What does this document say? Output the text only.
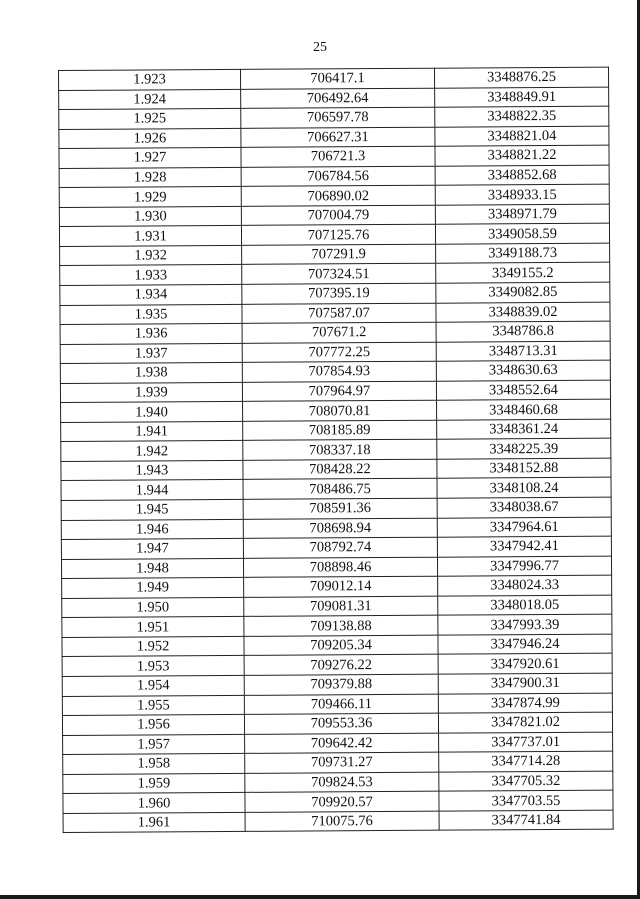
25
1.923	706417.1	3348876.25
1.924	706492.64	3348849.91
1.925	706597.78	3348822.35
1.926	706627.31	3348821.04
1.927	706721.3	3348821.22
1.928	706784.56	3348852.68
1.929	706890.02	3348933.15
1.930	707004.79	3348971.79
1.931	707125.76	3349058.59
1.932	707291.9	3349188.73
1.933	707324.51	3349155.2
1.934	707395.19	3349082.85
1.935	707587.07	3348839.02
1.936	707671.2	3348786.8
1.937	707772.25	3348713.31
1.938	707854.93	3348630.63
1.939	707964.97	3348552.64
1.940	708070.81	3348460.68
1.941	708185.89	3348361.24
1.942	708337.18	3348225.39
1.943	708428.22	3348152.88
1.944	708486.75	3348108.24
1.945	708591.36	3348038.67
1.946	708698.94	3347964.61
1.947	708792.74	3347942.41
1.948	708898.46	3347996.77
1.949	709012.14	3348024.33
1.950	709081.31	3348018.05
1.951	709138.88	3347993.39
1.952	709205.34	3347946.24
1.953	709276.22	3347920.61
1.954	709379.88	3347900.31
1.955	709466.11	3347874.99
1.956	709553.36	3347821.02
1.957	709642.42	3347737.01
1.958	709731.27	3347714.28
1.959	709824.53	3347705.32
1.960	709920.57	3347703.55
1.961	710075.76	3347741.84
